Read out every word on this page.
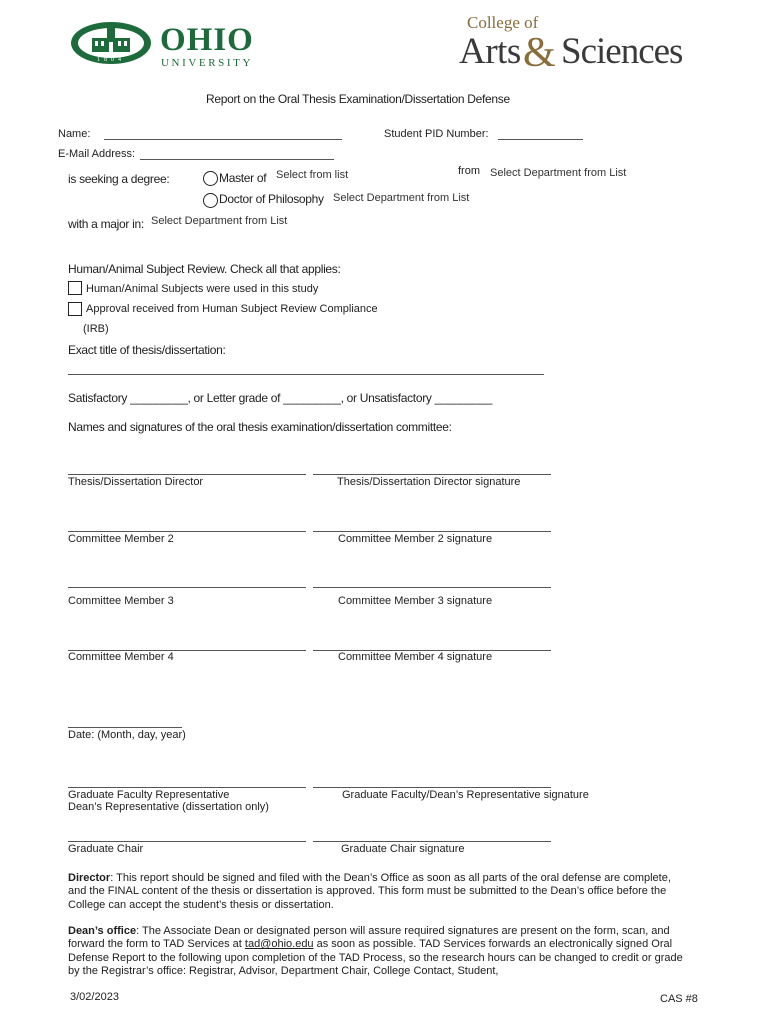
1804
OHIO
UNIVERSITY
College of
Arts & Sciences
Report on the Oral Thesis Examination/Dissertation Defense
Name:	Student PID Number:
E-Mail Address:
is seeking a degree:	Master of Select from list	from Select Department from List
Doctor of Philosophy Select Department from List
with a major in: Select Department from List
Human/Animal Subject Review. Check all that applies:
Human/Animal Subjects were used in this study
Approval received from Human Subject Review Compliance
(IRB)
Exact title of thesis/dissertation:
Satisfactory _________, or Letter grade of _________, or Unsatisfactory _________
Names and signatures of the oral thesis examination/dissertation committee:
Thesis/Dissertation Director	Thesis/Dissertation Director signature
Committee Member 2	Committee Member 2 signature
Committee Member 3	Committee Member 3 signature
Committee Member 4	Committee Member 4 signature
Date: (Month, day, year)
Graduate Faculty Representative
Dean’s Representative (dissertation only)
Graduate Faculty/Dean’s Representative signature
Graduate Chair	Graduate Chair signature
Director: This report should be signed and filed with the Dean’s Office as soon as all parts of the oral defense are complete, and the FINAL content of the thesis or dissertation is approved. This form must be submitted to the Dean’s office before the College can accept the student’s thesis or dissertation.
Dean’s office: The Associate Dean or designated person will assure required signatures are present on the form, scan, and forward the form to TAD Services at tad@ohio.edu as soon as possible. TAD Services forwards an electronically signed Oral Defense Report to the following upon completion of the TAD Process, so the research hours can be changed to credit or grade by the Registrar’s office: Registrar, Advisor, Department Chair, College Contact, Student,
3/02/2023	CAS #8
